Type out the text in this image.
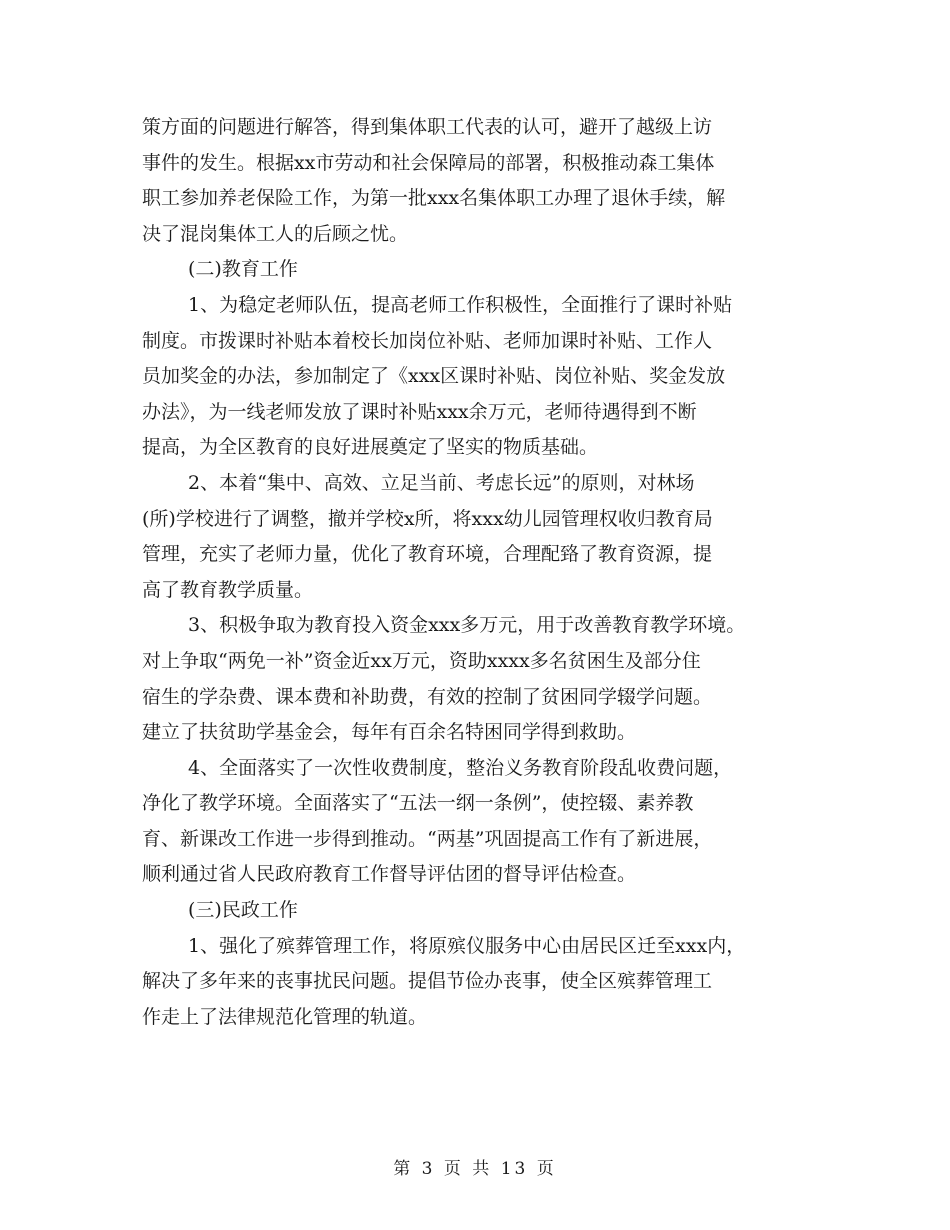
策方面的问题进行解答，得到集体职工代表的认可，避开了越级上访
事件的发生。根据xx市劳动和社会保障局的部署，积极推动森工集体
职工参加养老保险工作，为第一批xxx名集体职工办理了退休手续，解
决了混岗集体工人的后顾之忧。
(二)教育工作
1、为稳定老师队伍，提高老师工作积极性，全面推行了课时补贴
制度。市拨课时补贴本着校长加岗位补贴、老师加课时补贴、工作人
员加奖金的办法，参加制定了《xxx区课时补贴、岗位补贴、奖金发放
办法》，为一线老师发放了课时补贴xxx余万元，老师待遇得到不断
提高，为全区教育的良好进展奠定了坚实的物质基础。
2、本着“集中、高效、立足当前、考虑长远”的原则，对林场
(所)学校进行了调整，撤并学校x所，将xxx幼儿园管理权收归教育局
管理，充实了老师力量，优化了教育环境，合理配臵了教育资源，提
高了教育教学质量。
3、积极争取为教育投入资金xxx多万元，用于改善教育教学环境。
对上争取“两免一补”资金近xx万元，资助xxxx多名贫困生及部分住
宿生的学杂费、课本费和补助费，有效的控制了贫困同学辍学问题。
建立了扶贫助学基金会，每年有百余名特困同学得到救助。
4、全面落实了一次性收费制度，整治义务教育阶段乱收费问题，
净化了教学环境。全面落实了“五法一纲一条例”，使控辍、素养教
育、新课改工作进一步得到推动。“两基”巩固提高工作有了新进展，
顺利通过省人民政府教育工作督导评估团的督导评估检查。
(三)民政工作
1、强化了殡葬管理工作，将原殡仪服务中心由居民区迁至xxx内，
解决了多年来的丧事扰民问题。提倡节俭办丧事，使全区殡葬管理工
作走上了法律规范化管理的轨道。
第 3 页 共 13 页
